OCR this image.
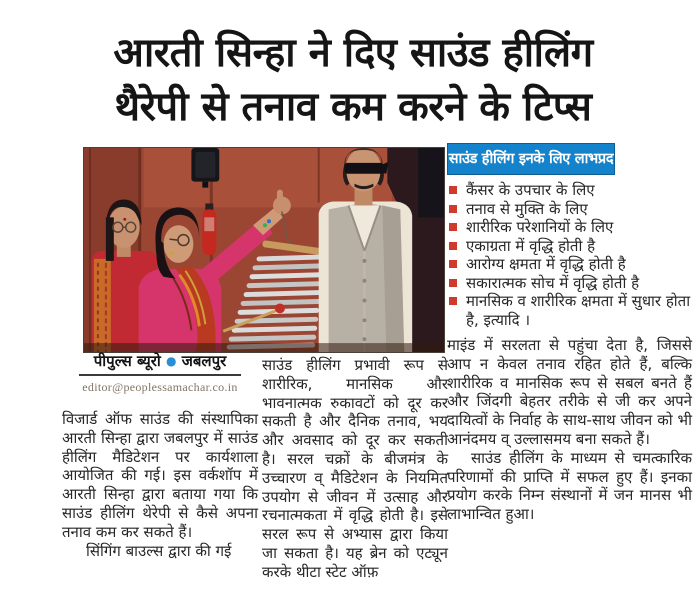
आरती सिन्हा ने दिए साउंड हीलिंग
थैरेपी से तनाव कम करने के टिप्स
पीपुल्स ब्यूरो ● जबलपुर
editor@peoplessamachar.co.in

विजार्ड ऑफ साउंड की संस्थापिका आरती सिन्हा द्वारा जबलपुर में साउंड हीलिंग मैडिटेशन पर कार्यशाला आयोजित की गई। इस वर्कशॉप में आरती सिन्हा द्वारा बताया गया कि साउंड हीलिंग थेरेपी से कैसे अपना तनाव कम कर सकते हैं।

सिंगिंग बाउल्स द्वारा की गई

साउंड हीलिंग प्रभावी रूप से शारीरिक, मानसिक और भावनात्मक रुकावटों को दूर कर सकती है और दैनिक तनाव, भय और अवसाद को दूर कर सकती है। सरल चक्रों के बीजमंत्र के उच्चारण व् मैडिटेशन के नियमित उपयोग से जीवन में उत्साह और रचनात्मकता में वृद्धि होती है। इसे सरल रूप से अभ्यास द्वारा किया जा सकता है। यह ब्रेन को एट्यून करके थीटा स्टेट ऑफ़

साउंड हीलिंग इनके लिए लाभप्रद
कैंसर के उपचार के लिए
तनाव से मुक्ति के लिए
शारीरिक परेशानियों के लिए
एकाग्रता में वृद्धि होती है
आरोग्य क्षमता में वृद्धि होती है
सकारात्मक सोच में वृद्धि होती है
मानसिक व शारीरिक क्षमता में सुधार होता है, इत्यादि ।

माइंड में सरलता से पहुंचा देता है, जिससे आप न केवल तनाव रहित होते हैं, बल्कि शारीरिक व मानसिक रूप से सबल बनते हैं और जिंदगी बेहतर तरीके से जी कर अपने दायित्वों के निर्वाह के साथ-साथ जीवन को भी आनंदमय व् उल्लासमय बना सकते हैं।

साउंड हीलिंग के माध्यम से चमत्कारिक परिणामों की प्राप्ति में सफल हुए हैं। इनका प्रयोग करके निम्न संस्थानों में जन मानस भी लाभान्वित हुआ।
